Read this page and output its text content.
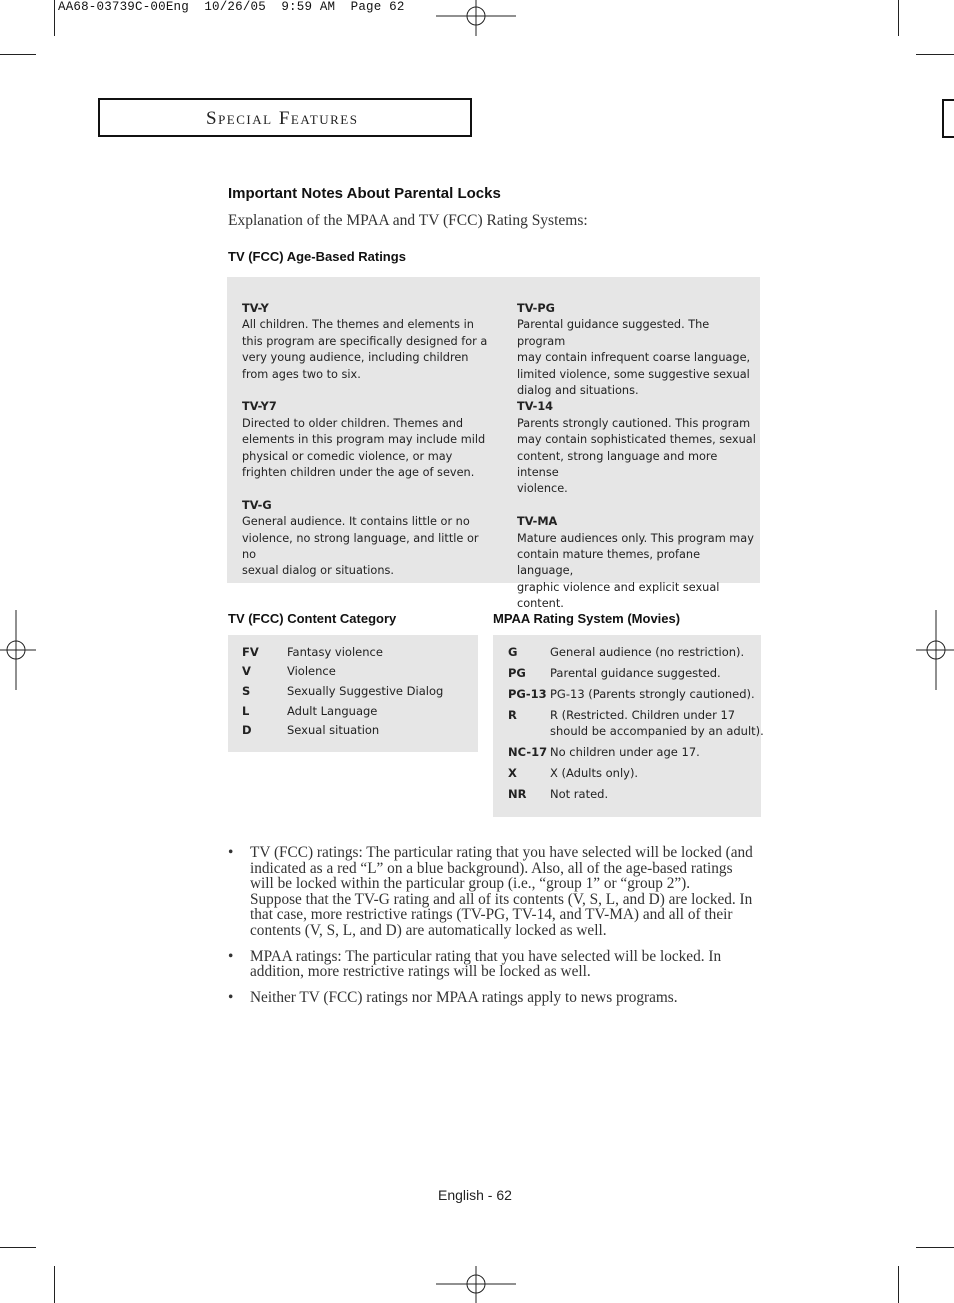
AA68-03739C-00Eng  10/26/05  9:59 AM  Page 62
Special Features
Important Notes About Parental Locks
Explanation of the MPAA and TV (FCC) Rating Systems:
TV (FCC) Age-Based Ratings
TV-Y
All children. The themes and elements in
this program are specifically designed for a
very young audience, including children
from ages two to six.
TV-Y7
Directed to older children. Themes and
elements in this program may include mild
physical or comedic violence, or may
frighten children under the age of seven.
TV-G
General audience. It contains little or no
violence, no strong language, and little or no
sexual dialog or situations.
TV-PG
Parental guidance suggested. The program
may contain infrequent coarse language,
limited violence, some suggestive sexual
dialog and situations.
TV-14
Parents strongly cautioned. This program
may contain sophisticated themes, sexual
content, strong language and more intense
violence.
TV-MA
Mature audiences only. This program may
contain mature themes, profane language,
graphic violence and explicit sexual
content.
TV (FCC) Content Category
FV Fantasy violence
V	Violence
S	Sexually Suggestive Dialog
L	Adult Language
D	Sexual situation
MPAA Rating System (Movies)
G	General audience (no restriction).
PG Parental guidance suggested.
PG-13 PG-13 (Parents strongly cautioned).
R	R (Restricted. Children under 17 should be accompanied by an adult).
NC-17 No children under age 17.
X	X (Adults only).
NR Not rated.
• TV (FCC) ratings: The particular rating that you have selected will be locked (and indicated as a red “L” on a blue background). Also, all of the age-based ratings will be locked within the particular group (i.e., “group 1” or “group 2”).

Suppose that the TV-G rating and all of its contents (V, S, L, and D) are locked. In that case, more restrictive ratings (TV-PG, TV-14, and TV-MA) and all of their contents (V, S, L, and D) are automatically locked as well.

• MPAA ratings: The particular rating that you have selected will be locked. In addition, more restrictive ratings will be locked as well.

• Neither TV (FCC) ratings nor MPAA ratings apply to news programs.

English - 62
